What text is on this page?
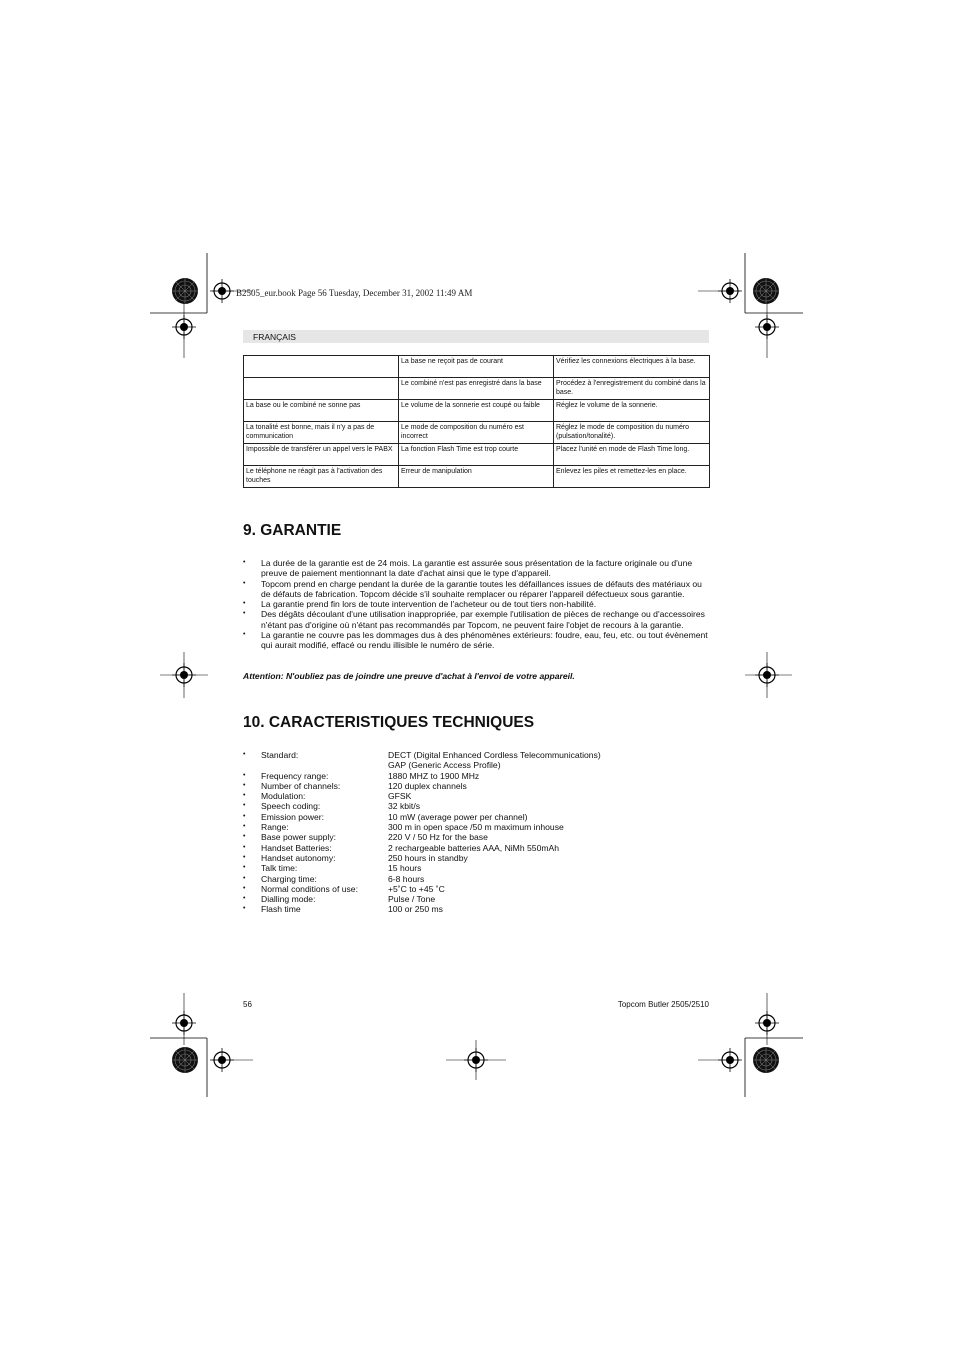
B2505_eur.book Page 56 Tuesday, December 31, 2002 11:49 AM
FRANÇAIS
	La base ne reçoit pas de courant	Vérifiez les connexions électriques à la base.
	Le combiné n'est pas enregistré dans la base	Procédez à l'enregistrement du combiné dans la base.
La base ou le combiné ne sonne pas	Le volume de la sonnerie est coupé ou faible	Réglez le volume de la sonnerie.
La tonalité est bonne, mais il n'y a pas de communication	Le mode de composition du numéro est incorrect	Réglez le mode de composition du numéro (pulsation/tonalité).
Impossible de transférer un appel vers le PABX	La fonction Flash Time est trop courte	Placez l'unité en mode de Flash Time long.
Le téléphone ne réagit pas à l'activation des touches	Erreur de manipulation	Enlevez les piles et remettez-les en place.
9. GARANTIE
• La durée de la garantie est de 24 mois. La garantie est assurée sous présentation de la facture originale ou d'une preuve de paiement mentionnant la date d'achat ainsi que le type d'appareil.
• Topcom prend en charge pendant la durée de la garantie toutes les défaillances issues de défauts des matériaux ou de défauts de fabrication. Topcom décide s'il souhaite remplacer ou réparer l'appareil défectueux sous garantie.
• La garantie prend fin lors de toute intervention de l'acheteur ou de tout tiers non-habilité.
• Des dégâts découlant d'une utilisation inappropriée, par exemple l'utilisation de pièces de rechange ou d'accessoires n'étant pas d'origine où n'étant pas recommandés par Topcom, ne peuvent faire l'objet de recours à la garantie.
• La garantie ne couvre pas les dommages dus à des phénomènes extérieurs: foudre, eau, feu, etc. ou tout évènement qui aurait modifié, effacé ou rendu illisible le numéro de série.
Attention: N'oubliez pas de joindre une preuve d'achat à l'envoi de votre appareil.
10. CARACTERISTIQUES TECHNIQUES
• Standard:	DECT (Digital Enhanced Cordless Telecommunications)
GAP (Generic Access Profile)
• Frequency range:	1880 MHZ to 1900 MHz
• Number of channels:	120 duplex channels
• Modulation:	GFSK
• Speech coding:	32 kbit/s
• Emission power:	10 mW (average power per channel)
• Range:	300 m in open space /50 m maximum inhouse
• Base power supply:	220 V / 50 Hz for the base
• Handset Batteries:	2 rechargeable batteries AAA, NiMh 550mAh
• Handset autonomy:	250 hours in standby
• Talk time:	15 hours
• Charging time:	6-8 hours
• Normal conditions of use:	+5˚C to +45 ˚C
• Dialling mode:	Pulse / Tone
• Flash time	100 or 250 ms
56	Topcom Butler 2505/2510
